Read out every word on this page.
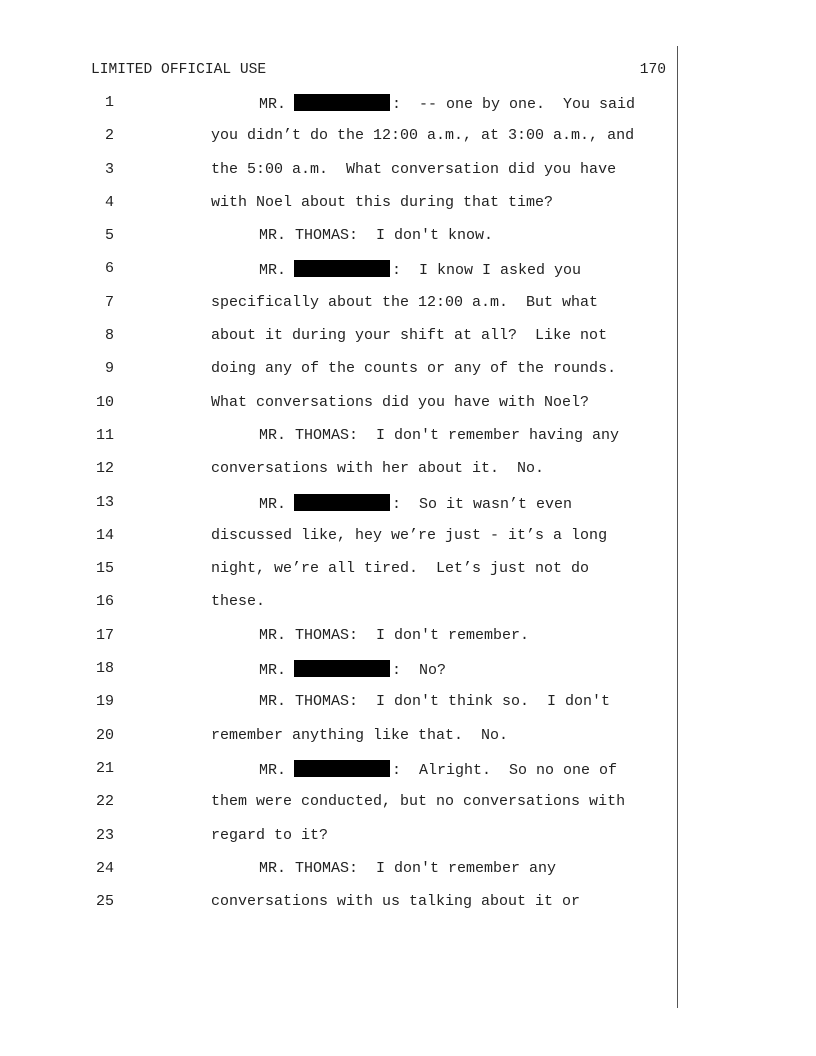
LIMITED OFFICIAL USE	170
1	MR.	:  -- one by one.  You said
2	you didn’t do the 12:00 a.m., at 3:00 a.m., and
3	the 5:00 a.m.  What conversation did you have
4	with Noel about this during that time?
5	MR. THOMAS:  I don't know.
6	MR.	:  I know I asked you
7	specifically about the 12:00 a.m.  But what
8	about it during your shift at all?  Like not
9	doing any of the counts or any of the rounds.
10	What conversations did you have with Noel?
11	MR. THOMAS:  I don't remember having any
12	conversations with her about it.  No.
13	MR.	:  So it wasn’t even
14	discussed like, hey we’re just - it’s a long
15	night, we’re all tired.  Let’s just not do
16	these.
17	MR. THOMAS:  I don't remember.
18	MR.	:  No?
19	MR. THOMAS:  I don't think so.  I don't
20	remember anything like that.  No.
21	MR.	:  Alright.  So no one of
22	them were conducted, but no conversations with
23	regard to it?
24	MR. THOMAS:  I don't remember any
25	conversations with us talking about it or
